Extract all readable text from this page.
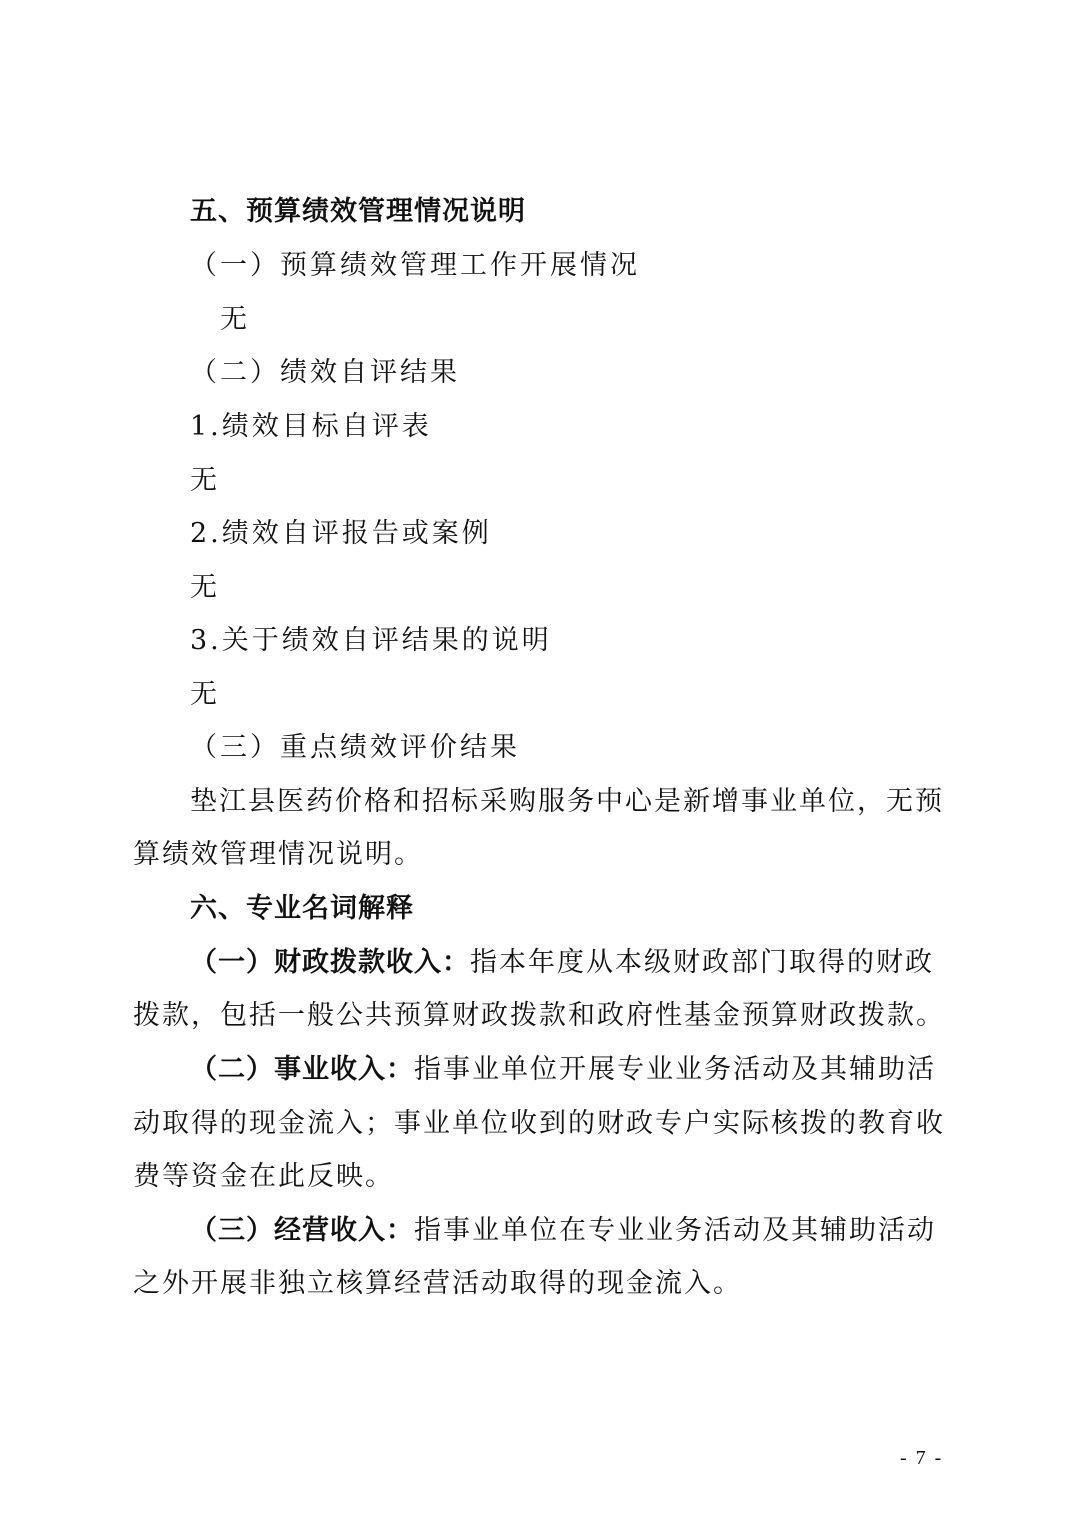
五、预算绩效管理情况说明
（一）预算绩效管理工作开展情况
无
（二）绩效自评结果
1.绩效目标自评表
无
2.绩效自评报告或案例
无
3.关于绩效自评结果的说明
无
（三）重点绩效评价结果
垫江县医药价格和招标采购服务中心是新增事业单位，无预
算绩效管理情况说明。
六、专业名词解释
（一）财政拨款收入：指本年度从本级财政部门取得的财政
拨款，包括一般公共预算财政拨款和政府性基金预算财政拨款。
（二）事业收入：指事业单位开展专业业务活动及其辅助活
动取得的现金流入；事业单位收到的财政专户实际核拨的教育收
费等资金在此反映。
（三）经营收入：指事业单位在专业业务活动及其辅助活动
之外开展非独立核算经营活动取得的现金流入。
- 7 -
